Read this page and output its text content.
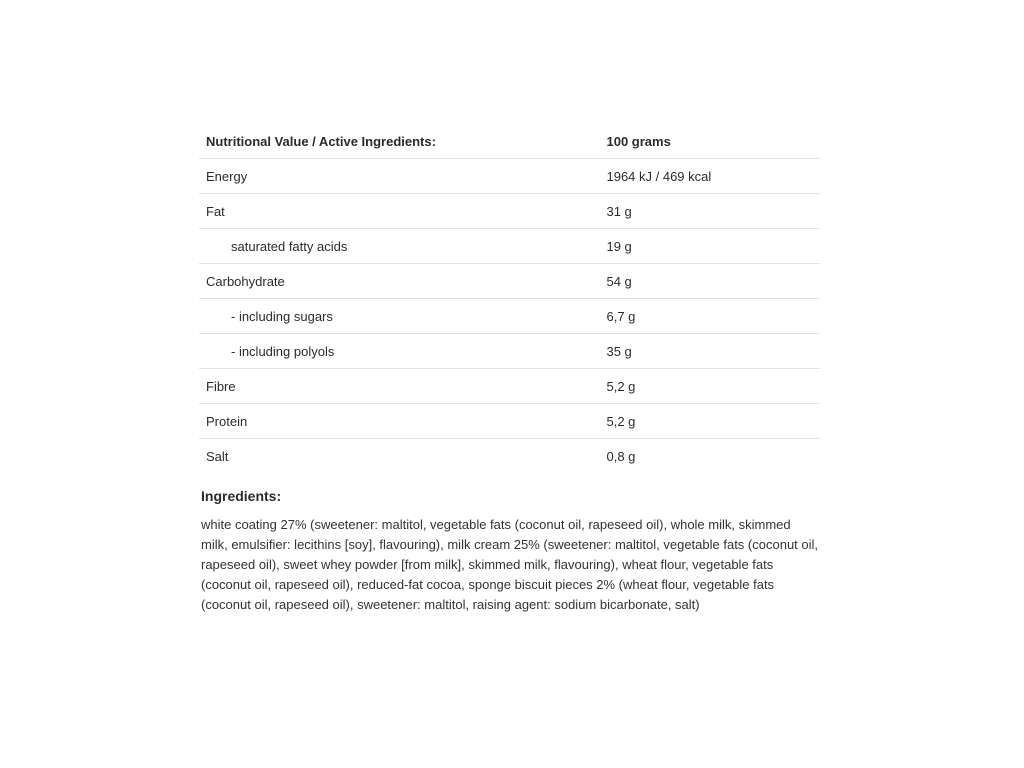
Nutritional Value / Active Ingredients:	100 grams
Energy	1964 kJ / 469 kcal
Fat	31 g
saturated fatty acids	19 g
Carbohydrate	54 g
- including sugars	6,7 g
- including polyols	35 g
Fibre	5,2 g
Protein	5,2 g
Salt	0,8 g
Ingredients:

white coating 27% (sweetener: maltitol, vegetable fats (coconut oil, rapeseed oil), whole milk, skimmed milk, emulsifier: lecithins [soy], flavouring), milk cream 25% (sweetener: maltitol, vegetable fats (coconut oil, rapeseed oil), sweet whey powder [from milk], skimmed milk, flavouring), wheat flour, vegetable fats (coconut oil, rapeseed oil), reduced-fat cocoa, sponge biscuit pieces 2% (wheat flour, vegetable fats (coconut oil, rapeseed oil), sweetener: maltitol, raising agent: sodium bicarbonate, salt)
